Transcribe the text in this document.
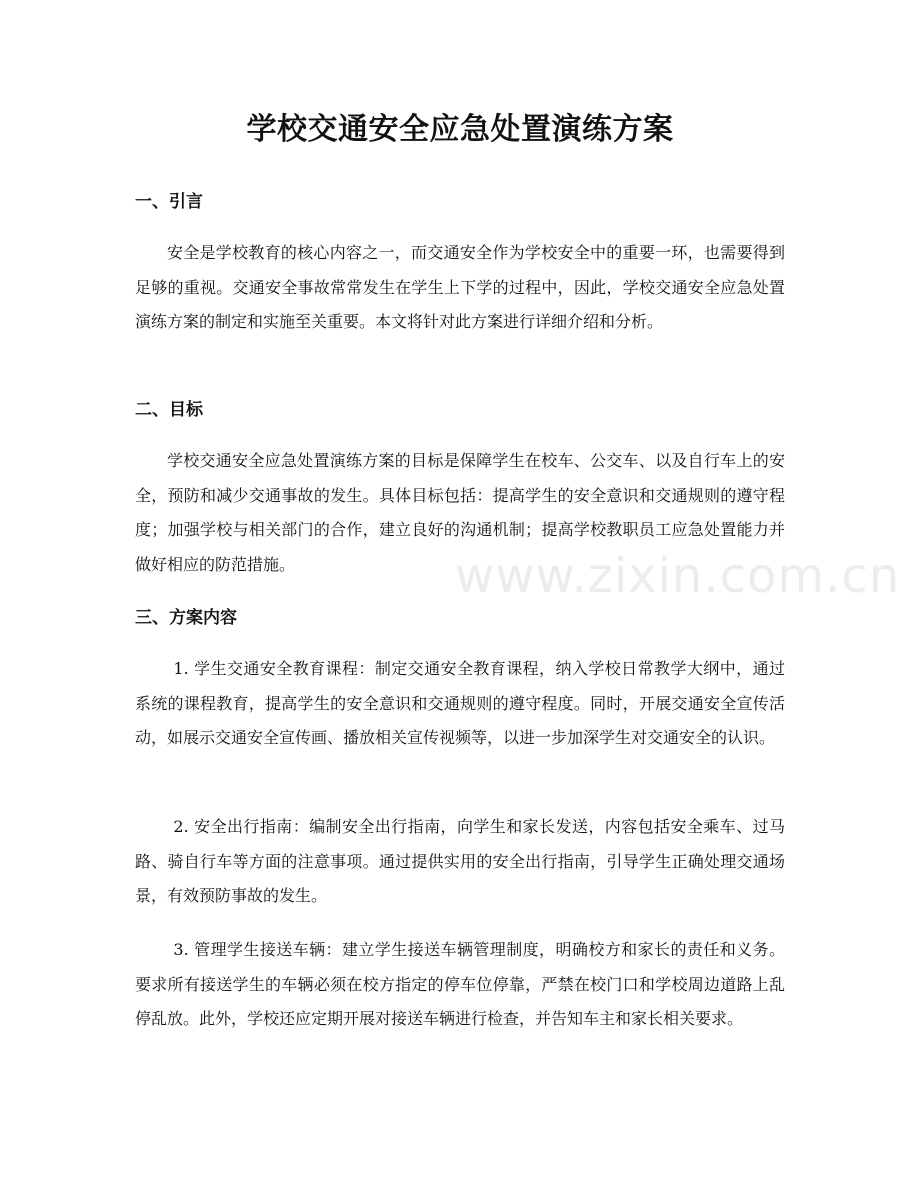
学校交通安全应急处置演练方案
一、引言

安全是学校教育的核心内容之一，而交通安全作为学校安全中的重要一环，也需要得到足够的重视。交通安全事故常常发生在学生上下学的过程中，因此，学校交通安全应急处置演练方案的制定和实施至关重要。本文将针对此方案进行详细介绍和分析。

二、目标

学校交通安全应急处置演练方案的目标是保障学生在校车、公交车、以及自行车上的安全，预防和减少交通事故的发生。具体目标包括：提高学生的安全意识和交通规则的遵守程度；加强学校与相关部门的合作，建立良好的沟通机制；提高学校教职员工应急处置能力并做好相应的防范措施。

三、方案内容

1. 学生交通安全教育课程：制定交通安全教育课程，纳入学校日常教学大纲中，通过系统的课程教育，提高学生的安全意识和交通规则的遵守程度。同时，开展交通安全宣传活动，如展示交通安全宣传画、播放相关宣传视频等，以进一步加深学生对交通安全的认识。

2. 安全出行指南：编制安全出行指南，向学生和家长发送，内容包括安全乘车、过马路、骑自行车等方面的注意事项。通过提供实用的安全出行指南，引导学生正确处理交通场景，有效预防事故的发生。

3. 管理学生接送车辆：建立学生接送车辆管理制度，明确校方和家长的责任和义务。要求所有接送学生的车辆必须在校方指定的停车位停靠，严禁在校门口和学校周边道路上乱停乱放。此外，学校还应定期开展对接送车辆进行检查，并告知车主和家长相关要求。

www.zixin.com.cn
